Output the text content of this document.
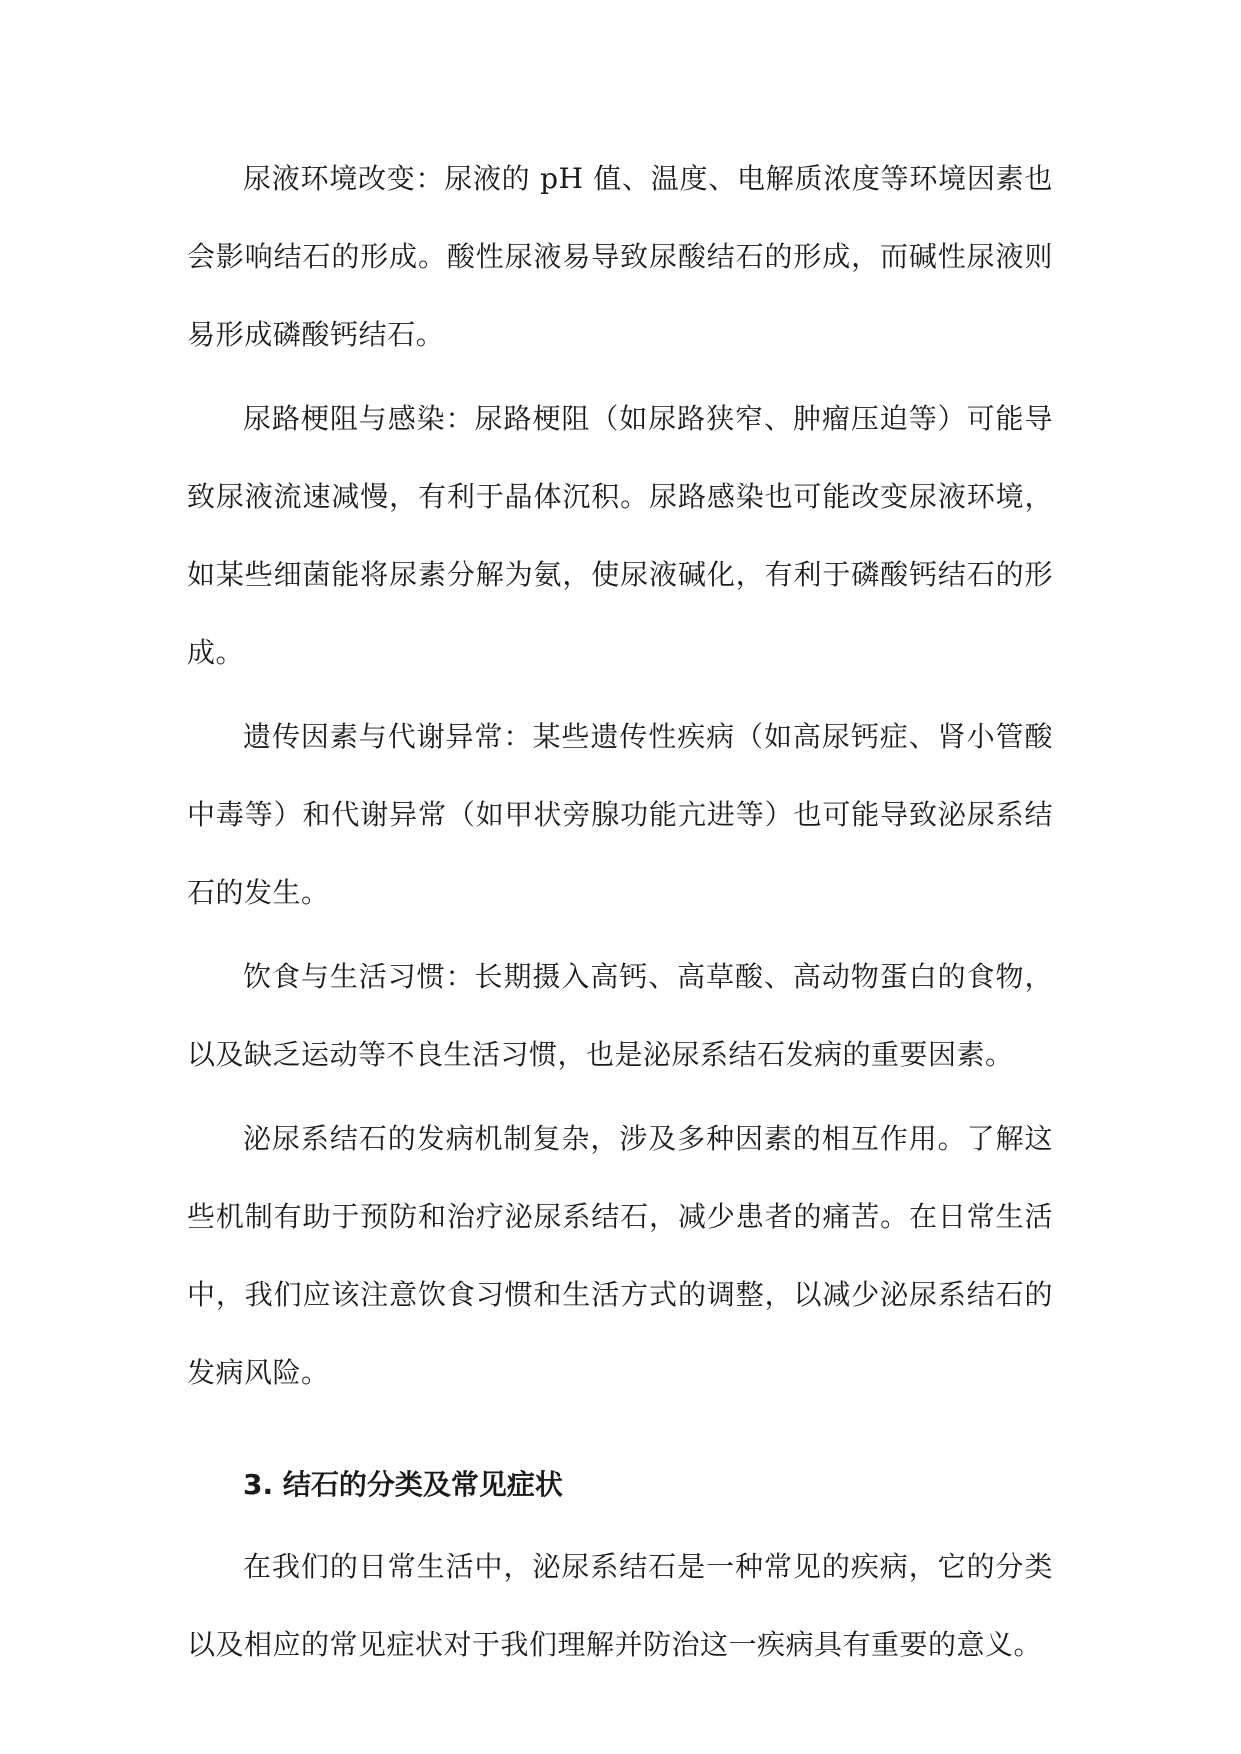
尿液环境改变：尿液的 pH 值、温度、电解质浓度等环境因素也会影响结石的形成。酸性尿液易导致尿酸结石的形成，而碱性尿液则易形成磷酸钙结石。

尿路梗阻与感染：尿路梗阻（如尿路狭窄、肿瘤压迫等）可能导致尿液流速减慢，有利于晶体沉积。尿路感染也可能改变尿液环境，如某些细菌能将尿素分解为氨，使尿液碱化，有利于磷酸钙结石的形成。

遗传因素与代谢异常：某些遗传性疾病（如高尿钙症、肾小管酸中毒等）和代谢异常（如甲状旁腺功能亢进等）也可能导致泌尿系结石的发生。

饮食与生活习惯：长期摄入高钙、高草酸、高动物蛋白的食物，以及缺乏运动等不良生活习惯，也是泌尿系结石发病的重要因素。

泌尿系结石的发病机制复杂，涉及多种因素的相互作用。了解这些机制有助于预防和治疗泌尿系结石，减少患者的痛苦。在日常生活中，我们应该注意饮食习惯和生活方式的调整，以减少泌尿系结石的发病风险。

3. 结石的分类及常见症状

在我们的日常生活中，泌尿系结石是一种常见的疾病，它的分类以及相应的常见症状对于我们理解并防治这一疾病具有重要的意义。
